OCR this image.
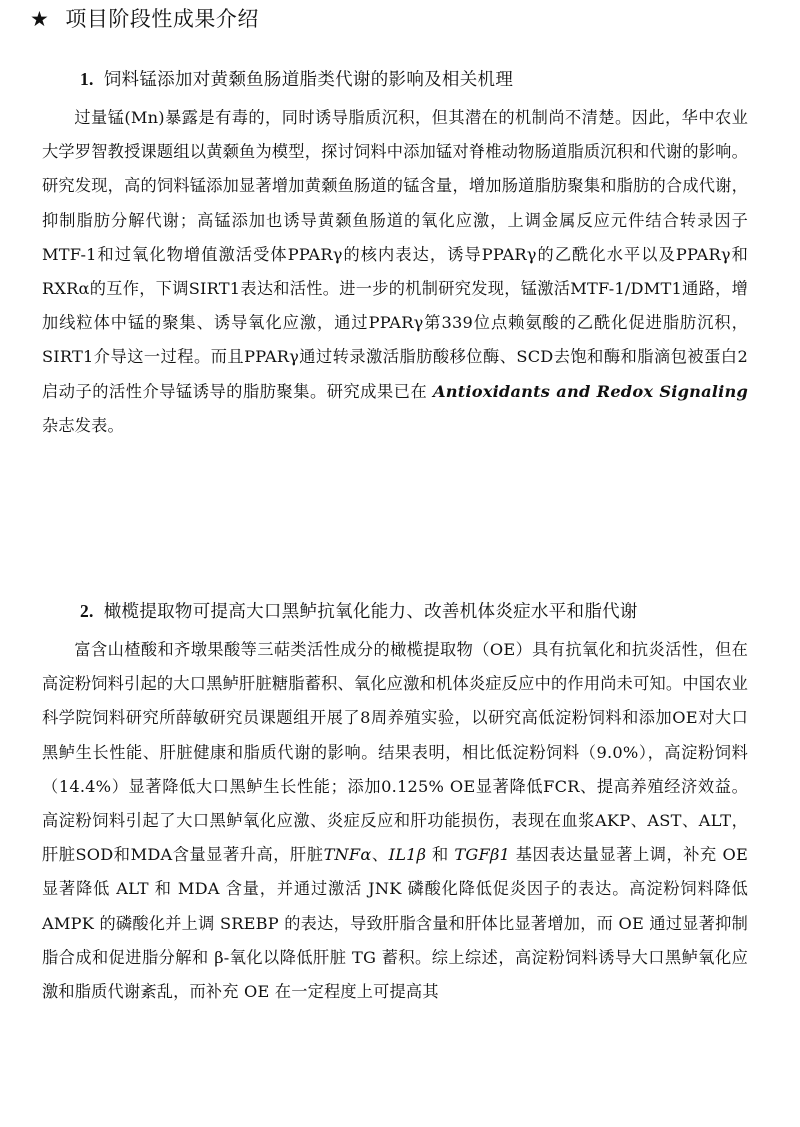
★ 项目阶段性成果介绍
1. 饲料锰添加对黄颡鱼肠道脂类代谢的影响及相关机理
过量锰(Mn)暴露是有毒的，同时诱导脂质沉积，但其潜在的机制尚不清楚。因此，华中农业大学罗智教授课题组以黄颡鱼为模型，探讨饲料中添加锰对脊椎动物肠道脂质沉积和代谢的影响。研究发现，高的饲料锰添加显著增加黄颡鱼肠道的锰含量，增加肠道脂肪聚集和脂肪的合成代谢，抑制脂肪分解代谢；高锰添加也诱导黄颡鱼肠道的氧化应激，上调金属反应元件结合转录因子MTF-1和过氧化物增值激活受体PPARγ的核内表达，诱导PPARγ的乙酰化水平以及PPARγ和RXRα的互作，下调SIRT1表达和活性。进一步的机制研究发现，锰激活MTF-1/DMT1通路，增加线粒体中锰的聚集、诱导氧化应激，通过PPARγ第339位点赖氨酸的乙酰化促进脂肪沉积，SIRT1介导这一过程。而且PPARγ通过转录激活脂肪酸移位酶、SCD去饱和酶和脂滴包被蛋白2启动子的活性介导锰诱导的脂肪聚集。研究成果已在 Antioxidants and Redox Signaling 杂志发表。
2. 橄榄提取物可提高大口黑鲈抗氧化能力、改善机体炎症水平和脂代谢
富含山楂酸和齐墩果酸等三萜类活性成分的橄榄提取物（OE）具有抗氧化和抗炎活性，但在高淀粉饲料引起的大口黑鲈肝脏糖脂蓄积、氧化应激和机体炎症反应中的作用尚未可知。中国农业科学院饲料研究所薛敏研究员课题组开展了8周养殖实验，以研究高低淀粉饲料和添加OE对大口黑鲈生长性能、肝脏健康和脂质代谢的影响。结果表明，相比低淀粉饲料（9.0%），高淀粉饲料（14.4%）显著降低大口黑鲈生长性能；添加0.125% OE显著降低FCR、提高养殖经济效益。高淀粉饲料引起了大口黑鲈氧化应激、炎症反应和肝功能损伤，表现在血浆AKP、AST、ALT，肝脏SOD和MDA含量显著升高，肝脏TNFα、IL1β 和 TGFβ1 基因表达量显著上调，补充 OE 显著降低 ALT 和 MDA 含量，并通过激活 JNK 磷酸化降低促炎因子的表达。高淀粉饲料降低 AMPK 的磷酸化并上调 SREBP 的表达，导致肝脂含量和肝体比显著增加，而 OE 通过显著抑制脂合成和促进脂分解和 β-氧化以降低肝脏 TG 蓄积。综上综述，高淀粉饲料诱导大口黑鲈氧化应激和脂质代谢紊乱，而补充 OE 在一定程度上可提高其
